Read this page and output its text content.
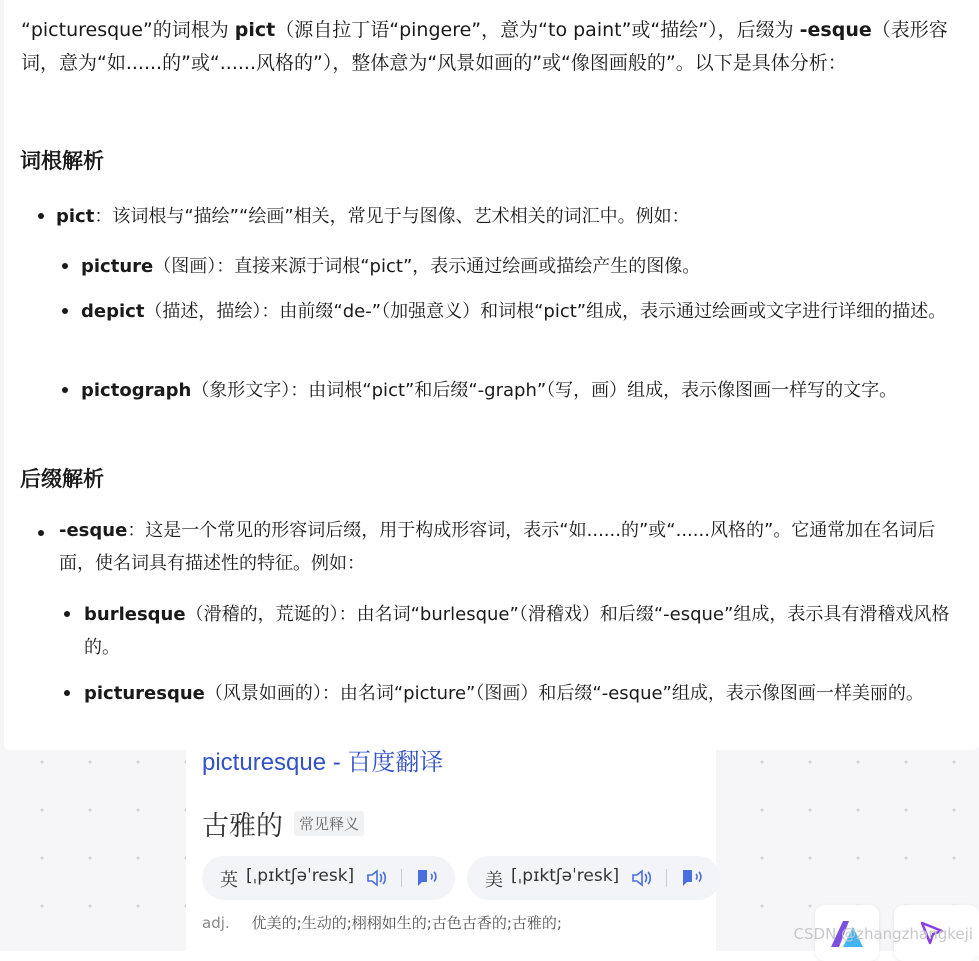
“picturesque”的词根为 pict（源自拉丁语“pingere”，意为“to paint”或“描绘”），后缀为 -esque（表形容词，意为“如......的”或“......风格的”），整体意为“风景如画的”或“像图画般的”。以下是具体分析：
词根解析
pict：该词根与“描绘”“绘画”相关，常见于与图像、艺术相关的词汇中。例如：
picture（图画）：直接来源于词根“pict”，表示通过绘画或描绘产生的图像。
depict（描述，描绘）：由前缀“de-”（加强意义）和词根“pict”组成，表示通过绘画或文字进行详细的描述。
pictograph（象形文字）：由词根“pict”和后缀“-graph”（写，画）组成，表示像图画一样写的文字。
后缀解析
-esque：这是一个常见的形容词后缀，用于构成形容词，表示“如......的”或“......风格的”。它通常加在名词后面，使名词具有描述性的特征。例如：
burlesque（滑稽的，荒诞的）：由名词“burlesque”（滑稽戏）和后缀“-esque”组成，表示具有滑稽戏风格的。
picturesque（风景如画的）：由名词“picture”（图画）和后缀“-esque”组成，表示像图画一样美丽的。
picturesque - 百度翻译
古雅的	常见释义
英 [ˌpɪktʃəˈresk]	美 [ˌpɪktʃəˈresk]
adj. 优美的;生动的;栩栩如生的;古色古香的;古雅的;
CSDN @zhangzhangkeji
